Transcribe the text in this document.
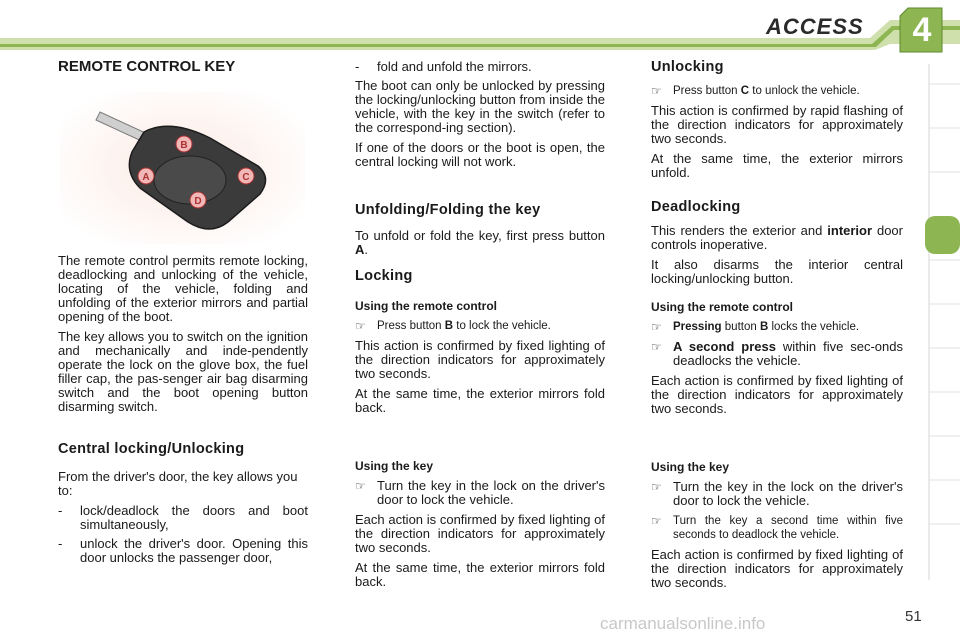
ACCESS 4
REMOTE CONTROL KEY
A
B
C
D

The remote control permits remote locking, deadlocking and unlocking of the vehicle, locating of the vehicle, folding and unfolding of the exterior mirrors and partial opening of the boot.

The key allows you to switch on the ignition and mechanically and inde-pendently operate the lock on the glove box, the fuel filler cap, the pas-senger air bag disarming switch and the boot opening button disarming switch.

Central locking/Unlocking

From the driver's door, the key allows you to:

-	lock/deadlock the doors and boot simultaneously,
-	unlock the driver's door. Opening this door unlocks the passenger door,
-	fold and unfold the mirrors.

The boot can only be unlocked by pressing the locking/unlocking button from inside the vehicle, with the key in the switch (refer to the correspond-ing section).

If one of the doors or the boot is open, the central locking will not work.

Unfolding/Folding the key

To unfold or fold the key, first press button A.

Locking
Using the remote control
☞ Press button B to lock the vehicle.

This action is confirmed by fixed lighting of the direction indicators for approximately two seconds.

At the same time, the exterior mirrors fold back.

Using the key
☞ Turn the key in the lock on the driver's door to lock the vehicle.

Each action is confirmed by fixed lighting of the direction indicators for approximately two seconds.

At the same time, the exterior mirrors fold back.

Unlocking
☞ Press button C to unlock the vehicle.

This action is confirmed by rapid flashing of the direction indicators for approximately two seconds.

At the same time, the exterior mirrors unfold.

Deadlocking

This renders the exterior and interior door controls inoperative.

It also disarms the interior central locking/unlocking button.

Using the remote control
☞ Pressing button B locks the vehicle.
☞ A second press within five sec-onds deadlocks the vehicle.

Each action is confirmed by fixed lighting of the direction indicators for approximately two seconds.

Using the key
☞ Turn the key in the lock on the driver's door to lock the vehicle.
☞ Turn the key a second time within five seconds to deadlock the vehicle.

Each action is confirmed by fixed lighting of the direction indicators for approximately two seconds.

carmanualsonline.info	51
